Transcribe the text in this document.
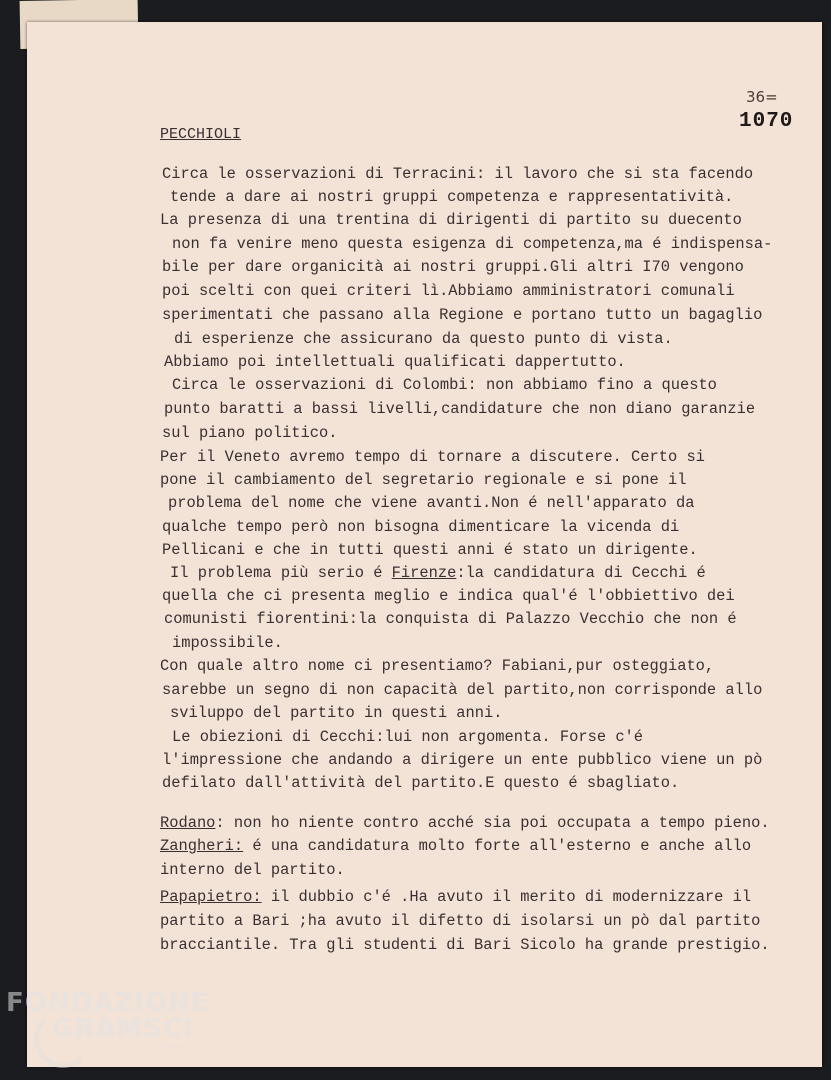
36=
1070
PECCHIOLI
Circa le osservazioni di Terracini: il lavoro che si sta facendo
tende a dare ai nostri gruppi competenza e rappresentatività.
La presenza di una trentina di dirigenti di partito su duecento
non fa venire meno questa esigenza di competenza,ma é indispensa-
bile per dare organicità ai nostri gruppi.Gli altri I70 vengono
poi scelti con quei criteri lì.Abbiamo amministratori comunali
sperimentati che passano alla Regione e portano tutto un bagaglio
di esperienze che assicurano da questo punto di vista.
Abbiamo poi intellettuali qualificati dappertutto.
Circa le osservazioni di Colombi: non abbiamo fino a questo
punto baratti a bassi livelli,candidature che non diano garanzie
sul piano politico.
Per il Veneto avremo tempo di tornare a discutere. Certo si
pone il cambiamento del segretario regionale e si pone il
problema del nome che viene avanti.Non é nell'apparato da
qualche tempo però non bisogna dimenticare la vicenda di
Pellicani e che in tutti questi anni é stato un dirigente.
Il problema più serio é Firenze:la candidatura di Cecchi é
quella che ci presenta meglio e indica qual'é l'obbiettivo dei
comunisti fiorentini:la conquista di Palazzo Vecchio che non é
impossibile.
Con quale altro nome ci presentiamo? Fabiani,pur osteggiato,
sarebbe un segno di non capacità del partito,non corrisponde allo
sviluppo del partito in questi anni.
Le obiezioni di Cecchi:lui non argomenta. Forse c'é
l'impressione che andando a dirigere un ente pubblico viene un pò
defilato dall'attività del partito.E questo é sbagliato.
Rodano: non ho niente contro acché sia poi occupata a tempo pieno.
Zangheri: é una candidatura molto forte all'esterno e anche allo
interno del partito.
Papapietro: il dubbio c'é .Ha avuto il merito di modernizzare il
partito a Bari ;ha avuto il difetto di isolarsi un pò dal partito
bracciantile. Tra gli studenti di Bari Sicolo ha grande prestigio.
FONDAZIONE
GRAMSCI
onlus
